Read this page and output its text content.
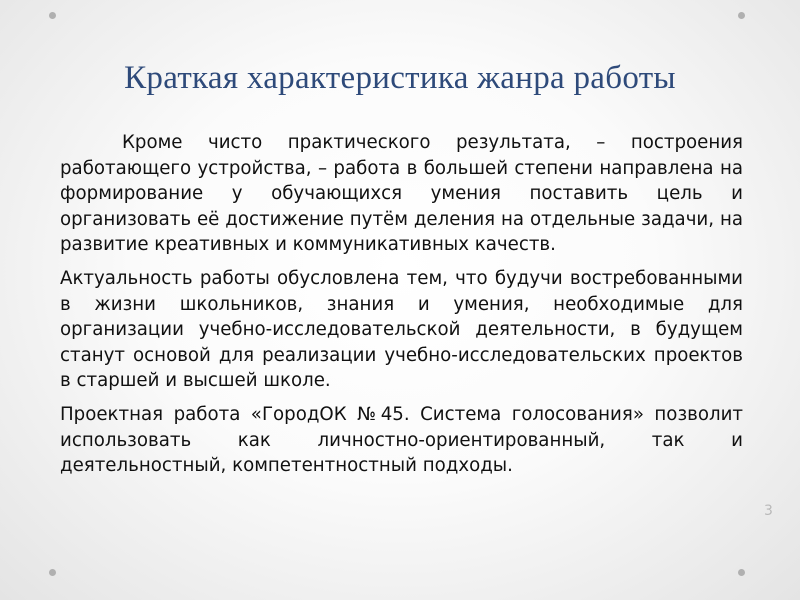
Краткая характеристика жанра работы

Кроме чисто практического результата, – построения работающего устройства, – работа в большей степени направлена на формирование у обучающихся умения поставить цель и организовать её достижение путём деления на отдельные задачи, на развитие креативных и коммуникативных качеств.

Актуальность работы обусловлена тем, что будучи востребованными в жизни школьников, знания и умения, необходимые для организации учебно-исследовательской деятельности, в будущем станут основой для реализации учебно-исследовательских проектов в старшей и высшей школе.

Проектная работа «ГородОК №45. Система голосования» позволит использовать как личностно-ориентированный, так и деятельностный, компетентностный подходы.

3
